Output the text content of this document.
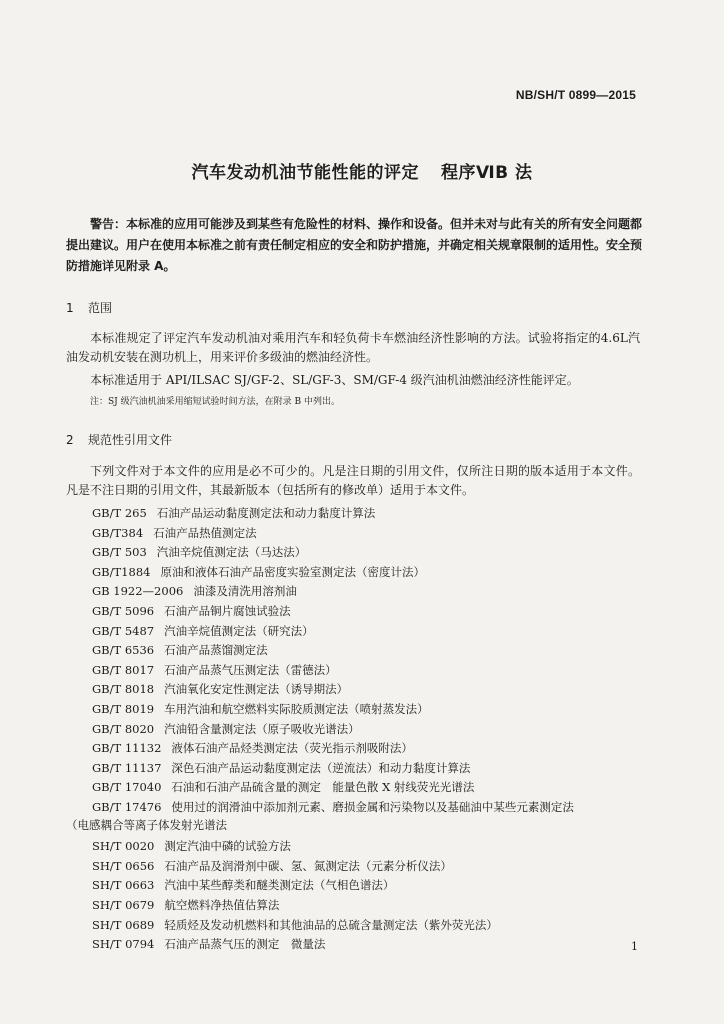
NB/SH/T 0899—2015
汽车发动机油节能性能的评定 程序ⅥB 法
警告：本标准的应用可能涉及到某些有危险性的材料、操作和设备。但并未对与此有关的所有安全问题都提出建议。用户在使用本标准之前有责任制定相应的安全和防护措施，并确定相关规章限制的适用性。安全预防措施详见附录 A。
1 范围
本标准规定了评定汽车发动机油对乘用汽车和轻负荷卡车燃油经济性影响的方法。试验将指定的4.6L汽油发动机安装在测功机上，用来评价多级油的燃油经济性。
本标准适用于 API/ILSAC SJ/GF-2、SL/GF-3、SM/GF-4 级汽油机油燃油经济性能评定。
注：SJ 级汽油机油采用缩短试验时间方法，在附录 B 中列出。
2 规范性引用文件
下列文件对于本文件的应用是必不可少的。凡是注日期的引用文件，仅所注日期的版本适用于本文件。凡是不注日期的引用文件，其最新版本（包括所有的修改单）适用于本文件。
GB/T 265 石油产品运动黏度测定法和动力黏度计算法
GB/T384 石油产品热值测定法
GB/T 503 汽油辛烷值测定法（马达法）
GB/T1884 原油和液体石油产品密度实验室测定法（密度计法）
GB 1922—2006 油漆及清洗用溶剂油
GB/T 5096 石油产品铜片腐蚀试验法
GB/T 5487 汽油辛烷值测定法（研究法）
GB/T 6536 石油产品蒸馏测定法
GB/T 8017 石油产品蒸气压测定法（雷德法）
GB/T 8018 汽油氧化安定性测定法（诱导期法）
GB/T 8019 车用汽油和航空燃料实际胶质测定法（喷射蒸发法）
GB/T 8020 汽油铅含量测定法（原子吸收光谱法）
GB/T 11132 液体石油产品烃类测定法（荧光指示剂吸附法）
GB/T 11137 深色石油产品运动黏度测定法（逆流法）和动力黏度计算法
GB/T 17040 石油和石油产品硫含量的测定　能量色散 X 射线荧光光谱法
GB/T 17476 使用过的润滑油中添加剂元素、磨损金属和污染物以及基础油中某些元素测定法
SH/T 0020 测定汽油中磷的试验方法
SH/T 0656 石油产品及润滑剂中碳、氢、氮测定法（元素分析仪法）
SH/T 0663 汽油中某些醇类和醚类测定法（气相色谱法）
SH/T 0679 航空燃料净热值估算法
SH/T 0689 轻质烃及发动机燃料和其他油品的总硫含量测定法（紫外荧光法）
SH/T 0794 石油产品蒸气压的测定　微量法
（电感耦合等离子体发射光谱法
1
